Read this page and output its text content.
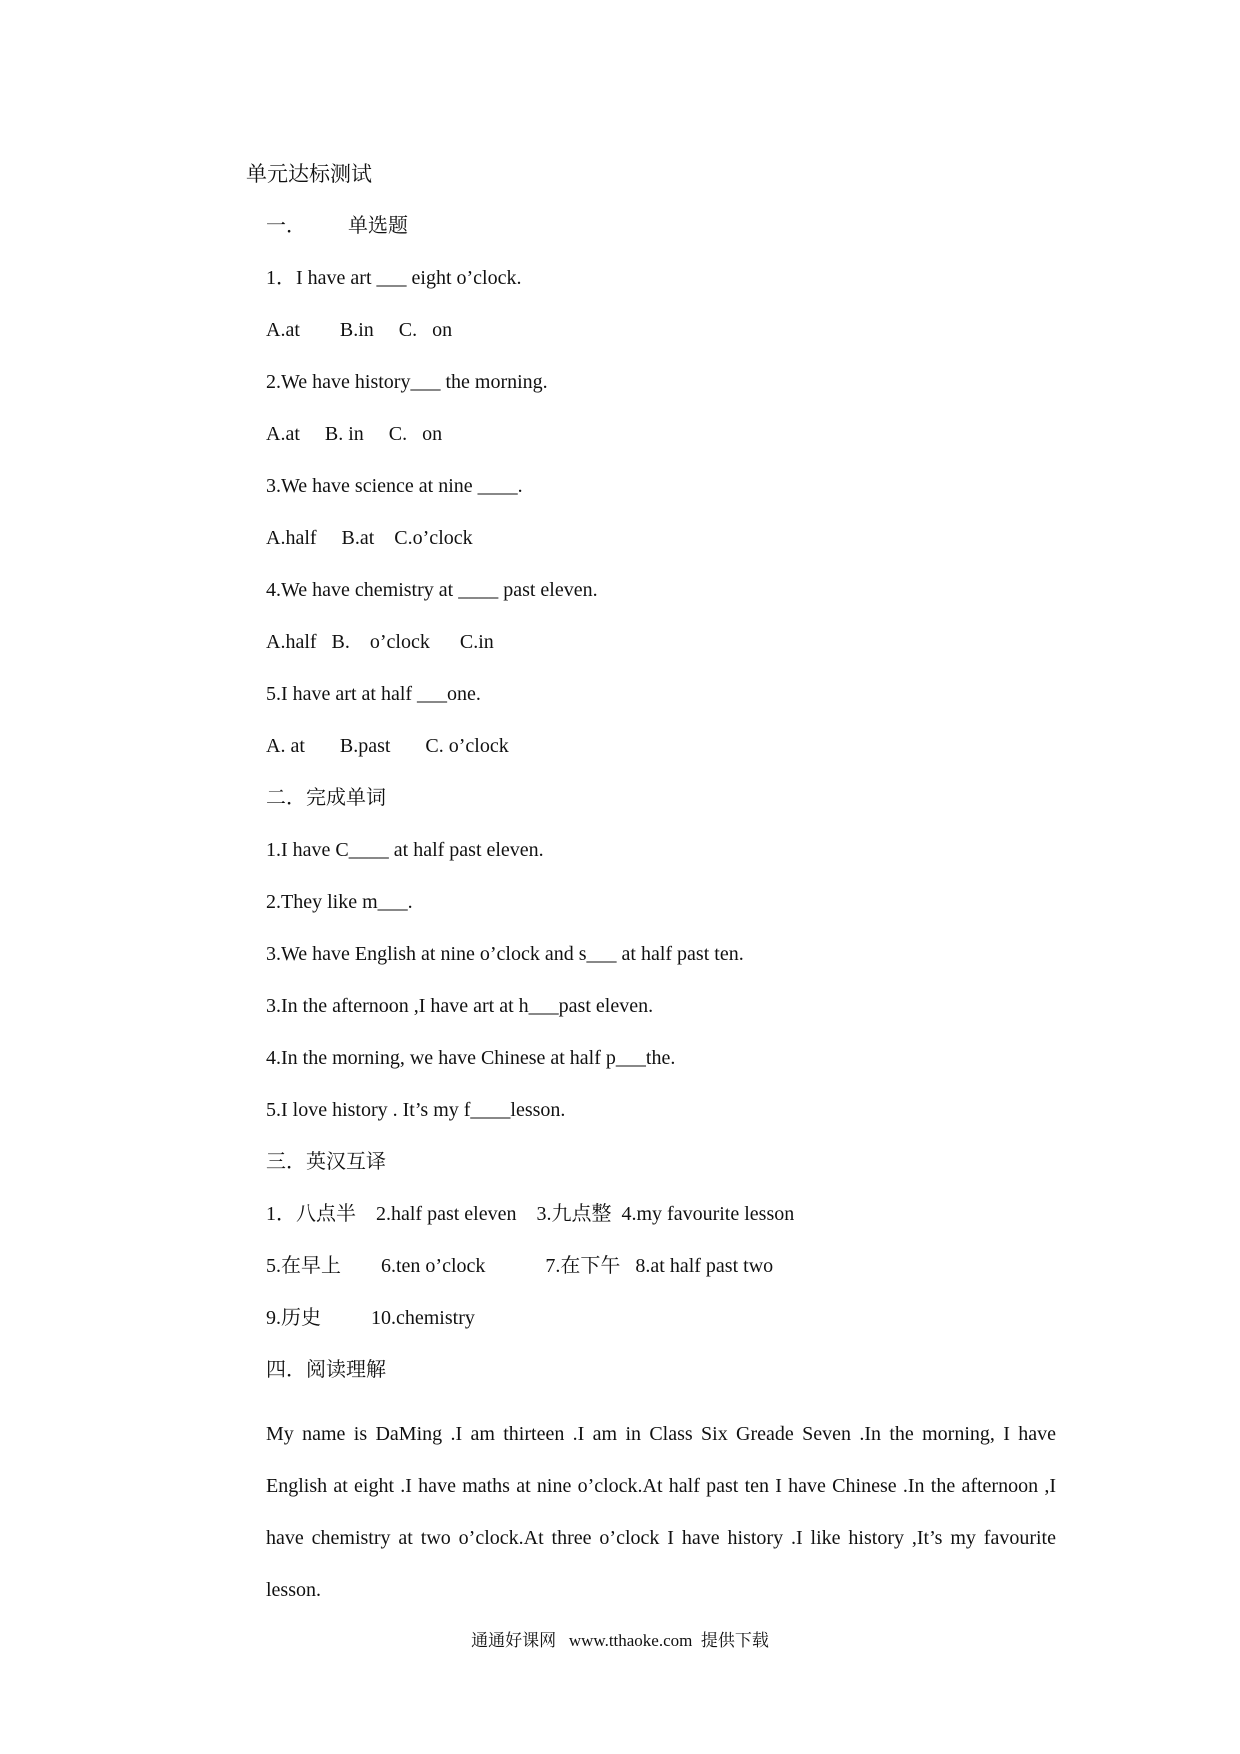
单元达标测试
一． 单选题
1．I have art ___ eight o’clock.
A.at        B.in     C.   on
2.We have history___ the morning.
A.at     B. in     C.   on
3.We have science at nine ____.
A.half     B.at    C.o’clock
4.We have chemistry at ____ past eleven.
A.half   B.    o’clock      C.in
5.I have art at half ___one.
A. at       B.past       C. o’clock
二．完成单词
1.I have C____ at half past eleven.
2.They like m___.
3.We have English at nine o’clock and s___ at half past ten.
3.In the afternoon ,I have art at h___past eleven.
4.In the morning, we have Chinese at half p___the.
5.I love history . It’s my f____lesson.
三．英汉互译
1．八点半    2.half past eleven    3.九点整  4.my favourite lesson
5.在早上        6.ten o’clock            7.在下午   8.at half past two
9.历史          10.chemistry
四．阅读理解

My name is DaMing .I am thirteen .I am in Class Six Greade Seven .In the morning, I have English at eight .I have maths at nine o’clock.At half past ten I have Chinese .In the afternoon ,I have chemistry at two o’clock.At three o’clock I have history .I like history ,It’s my favourite lesson.

通通好课网   www.tthaoke.com  提供下载
